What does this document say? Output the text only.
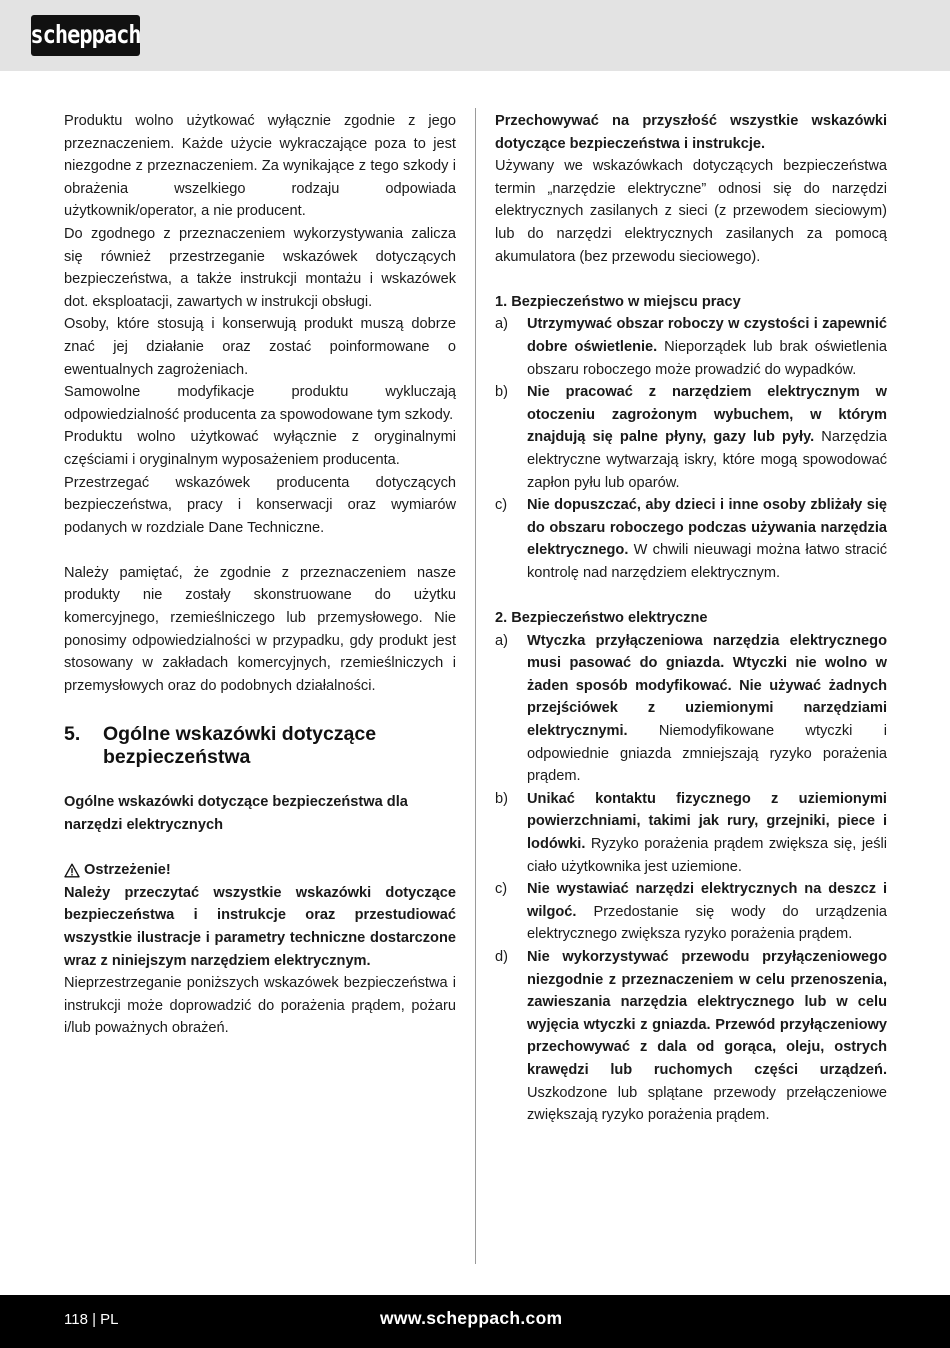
scheppach

Produktu wolno użytkować wyłącznie zgodnie z jego przeznaczeniem. Każde użycie wykraczające poza to jest niezgodne z przeznaczeniem. Za wynikające z tego szkody i obrażenia wszelkiego rodzaju odpowiada użytkownik/operator, a nie producent.

Do zgodnego z przeznaczeniem wykorzystywania zalicza się również przestrzeganie wskazówek dotyczących bezpieczeństwa, a także instrukcji montażu i wskazówek dot. eksploatacji, zawartych w instrukcji obsługi.

Osoby, które stosują i konserwują produkt muszą dobrze znać jej działanie oraz zostać poinformowane o ewentualnych zagrożeniach.

Samowolne modyfikacje produktu wykluczają odpowiedzialność producenta za spowodowane tym szkody.

Produktu wolno użytkować wyłącznie z oryginalnymi częściami i oryginalnym wyposażeniem producenta.

Przestrzegać wskazówek producenta dotyczących bezpieczeństwa, pracy i konserwacji oraz wymiarów podanych w rozdziale Dane Techniczne.

Należy pamiętać, że zgodnie z przeznaczeniem nasze produkty nie zostały skonstruowane do użytku komercyjnego, rzemieślniczego lub przemysłowego. Nie ponosimy odpowiedzialności w przypadku, gdy produkt jest stosowany w zakładach komercyjnych, rzemieślniczych i przemysłowych oraz do podobnych działalności.

5.	Ogólne wskazówki dotyczące bezpieczeństwa

Ogólne wskazówki dotyczące bezpieczeństwa dla narzędzi elektrycznych

Ostrzeżenie!

Należy przeczytać wszystkie wskazówki dotyczące bezpieczeństwa i instrukcje oraz przestudiować wszystkie ilustracje i parametry techniczne dostarczone wraz z niniejszym narzędziem elektrycznym.

Nieprzestrzeganie poniższych wskazówek bezpieczeństwa i instrukcji może doprowadzić do porażenia prądem, pożaru i/lub poważnych obrażeń.

Przechowywać na przyszłość wszystkie wskazówki dotyczące bezpieczeństwa i instrukcje.

Używany we wskazówkach dotyczących bezpieczeństwa termin „narzędzie elektryczne” odnosi się do narzędzi elektrycznych zasilanych z sieci (z przewodem sieciowym) lub do narzędzi elektrycznych zasilanych za pomocą akumulatora (bez przewodu sieciowego).

1. Bezpieczeństwo w miejscu pracy

a)	Utrzymywać obszar roboczy w czystości i zapewnić dobre oświetlenie. Nieporządek lub brak oświetlenia obszaru roboczego może prowadzić do wypadków.
b)	Nie pracować z narzędziem elektrycznym w otoczeniu zagrożonym wybuchem, w którym znajdują się palne płyny, gazy lub pyły. Narzędzia elektryczne wytwarzają iskry, które mogą spowodować zapłon pyłu lub oparów.
c)	Nie dopuszczać, aby dzieci i inne osoby zbliżały się do obszaru roboczego podczas używania narzędzia elektrycznego. W chwili nieuwagi można łatwo stracić kontrolę nad narzędziem elektrycznym.

2. Bezpieczeństwo elektryczne

a)	Wtyczka przyłączeniowa narzędzia elektrycznego musi pasować do gniazda. Wtyczki nie wolno w żaden sposób modyfikować. Nie używać żadnych przejściówek z uziemionymi narzędziami elektrycznymi. Niemodyfikowane wtyczki i odpowiednie gniazda zmniejszają ryzyko porażenia prądem.
b)	Unikać kontaktu fizycznego z uziemionymi powierzchniami, takimi jak rury, grzejniki, piece i lodówki. Ryzyko porażenia prądem zwiększa się, jeśli ciało użytkownika jest uziemione.
c)	Nie wystawiać narzędzi elektrycznych na deszcz i wilgoć. Przedostanie się wody do urządzenia elektrycznego zwiększa ryzyko porażenia prądem.
d)	Nie wykorzystywać przewodu przyłączeniowego niezgodnie z przeznaczeniem w celu przenoszenia, zawieszania narzędzia elektrycznego lub w celu wyjęcia wtyczki z gniazda. Przewód przyłączeniowy przechowywać z dala od gorąca, oleju, ostrych krawędzi lub ruchomych części urządzeń. Uszkodzone lub splątane przewody przełączeniowe zwiększają ryzyko porażenia prądem.
118 | PL	www.scheppach.com
